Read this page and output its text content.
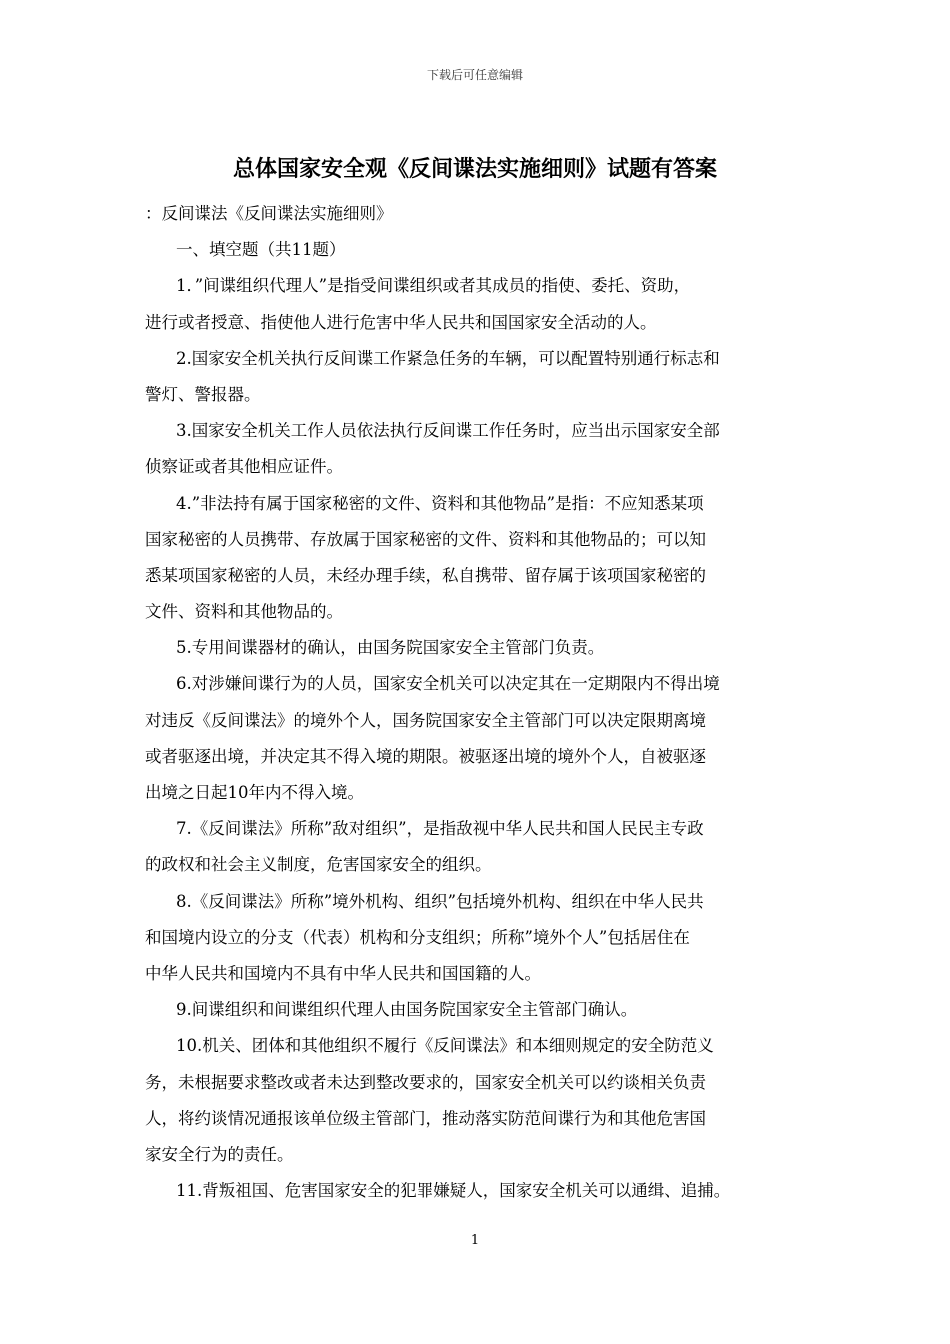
下载后可任意编辑
总体国家安全观《反间谍法实施细则》试题有答案
：反间谍法《反间谍法实施细则》
一、填空题（共11题）
1．”间谍组织代理人”是指受间谍组织或者其成员的指使、委托、资助，
进行或者授意、指使他人进行危害中华人民共和国国家安全活动的人。
2.国家安全机关执行反间谍工作紧急任务的车辆，可以配置特别通行标志和
警灯、警报器。
3.国家安全机关工作人员依法执行反间谍工作任务时，应当出示国家安全部
侦察证或者其他相应证件。
4.”非法持有属于国家秘密的文件、资料和其他物品”是指：不应知悉某项
国家秘密的人员携带、存放属于国家秘密的文件、资料和其他物品的；可以知
悉某项国家秘密的人员，未经办理手续，私自携带、留存属于该项国家秘密的
文件、资料和其他物品的。
5.专用间谍器材的确认，由国务院国家安全主管部门负责。
6.对涉嫌间谍行为的人员，国家安全机关可以决定其在一定期限内不得出境
对违反《反间谍法》的境外个人，国务院国家安全主管部门可以决定限期离境
或者驱逐出境，并决定其不得入境的期限。被驱逐出境的境外个人，自被驱逐
出境之日起10年内不得入境。
7.《反间谍法》所称”敌对组织”，是指敌视中华人民共和国人民民主专政
的政权和社会主义制度，危害国家安全的组织。
8.《反间谍法》所称”境外机构、组织”包括境外机构、组织在中华人民共
和国境内设立的分支（代表）机构和分支组织；所称”境外个人”包括居住在
中华人民共和国境内不具有中华人民共和国国籍的人。
9.间谍组织和间谍组织代理人由国务院国家安全主管部门确认。
10.机关、团体和其他组织不履行《反间谍法》和本细则规定的安全防范义
务，未根据要求整改或者未达到整改要求的，国家安全机关可以约谈相关负责
人，将约谈情况通报该单位级主管部门，推动落实防范间谍行为和其他危害国
家安全行为的责任。
11.背叛祖国、危害国家安全的犯罪嫌疑人，国家安全机关可以通缉、追捕。
1
